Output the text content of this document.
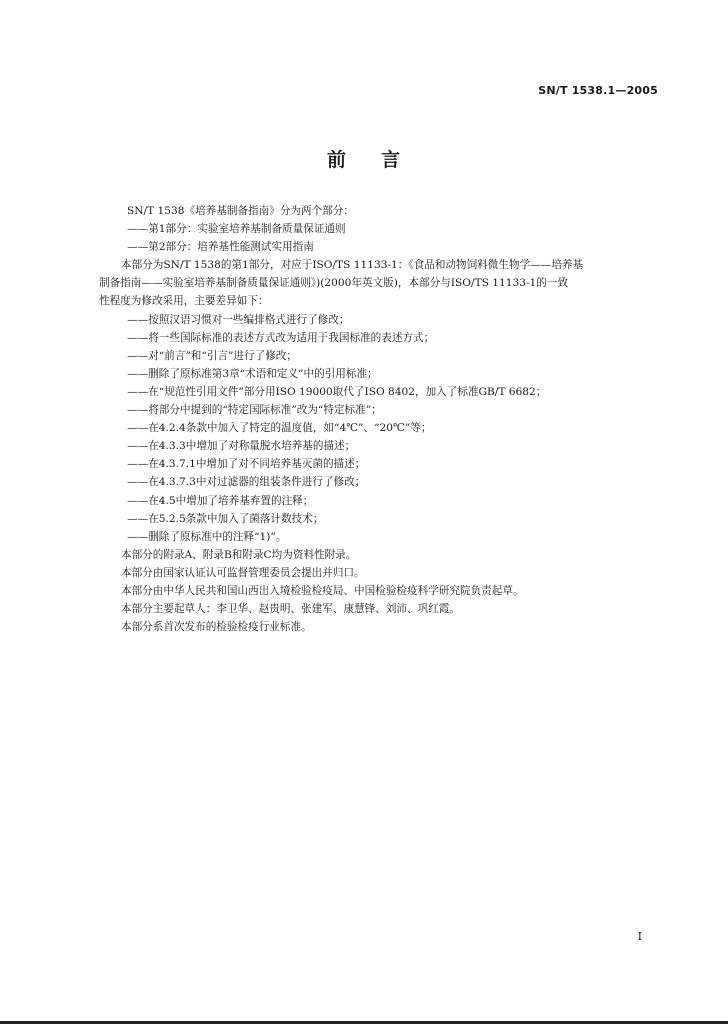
SN/T 1538.1—2005
前 言
SN/T 1538《培养基制备指南》分为两个部分：
——第1部分：实验室培养基制备质量保证通则
——第2部分：培养基性能测试实用指南
本部分为SN/T 1538的第1部分，对应于ISO/TS 11133-1：《食品和动物饲料微生物学——培养基
制备指南——实验室培养基制备质量保证通则》)(2000年英文版)，本部分与ISO/TS 11133-1的一致
性程度为修改采用，主要差异如下：
——按照汉语习惯对一些编排格式进行了修改；
——将一些国际标准的表述方式改为适用于我国标准的表述方式；
——对“前言”和“引言”进行了修改；
——删除了原标准第3章“术语和定义”中的引用标准；
——在“规范性引用文件”部分用ISO 19000取代了ISO 8402，加入了标准GB/T 6682；
——将部分中提到的“特定国际标准”改为“特定标准”；
——在4.2.4条款中加入了特定的温度值，如“4℃”、“20℃”等；
——在4.3.3中增加了对称量脱水培养基的描述；
——在4.3.7.1中增加了对不同培养基灭菌的描述；
——在4.3.7.3中对过滤器的组装条件进行了修改；
——在4.5中增加了培养基弃置的注释；
——在5.2.5条款中加入了菌落计数技术；
——删除了原标准中的注释“1)”。
本部分的附录A、附录B和附录C均为资料性附录。
本部分由国家认证认可监督管理委员会提出并归口。
本部分由中华人民共和国山西出入境检验检疫局、中国检验检疫科学研究院负责起草。
本部分主要起草人：李卫华、赵贵明、张建军、康慧锋、刘沛、巩红霞。
本部分系首次发布的检验检疫行业标准。
I
